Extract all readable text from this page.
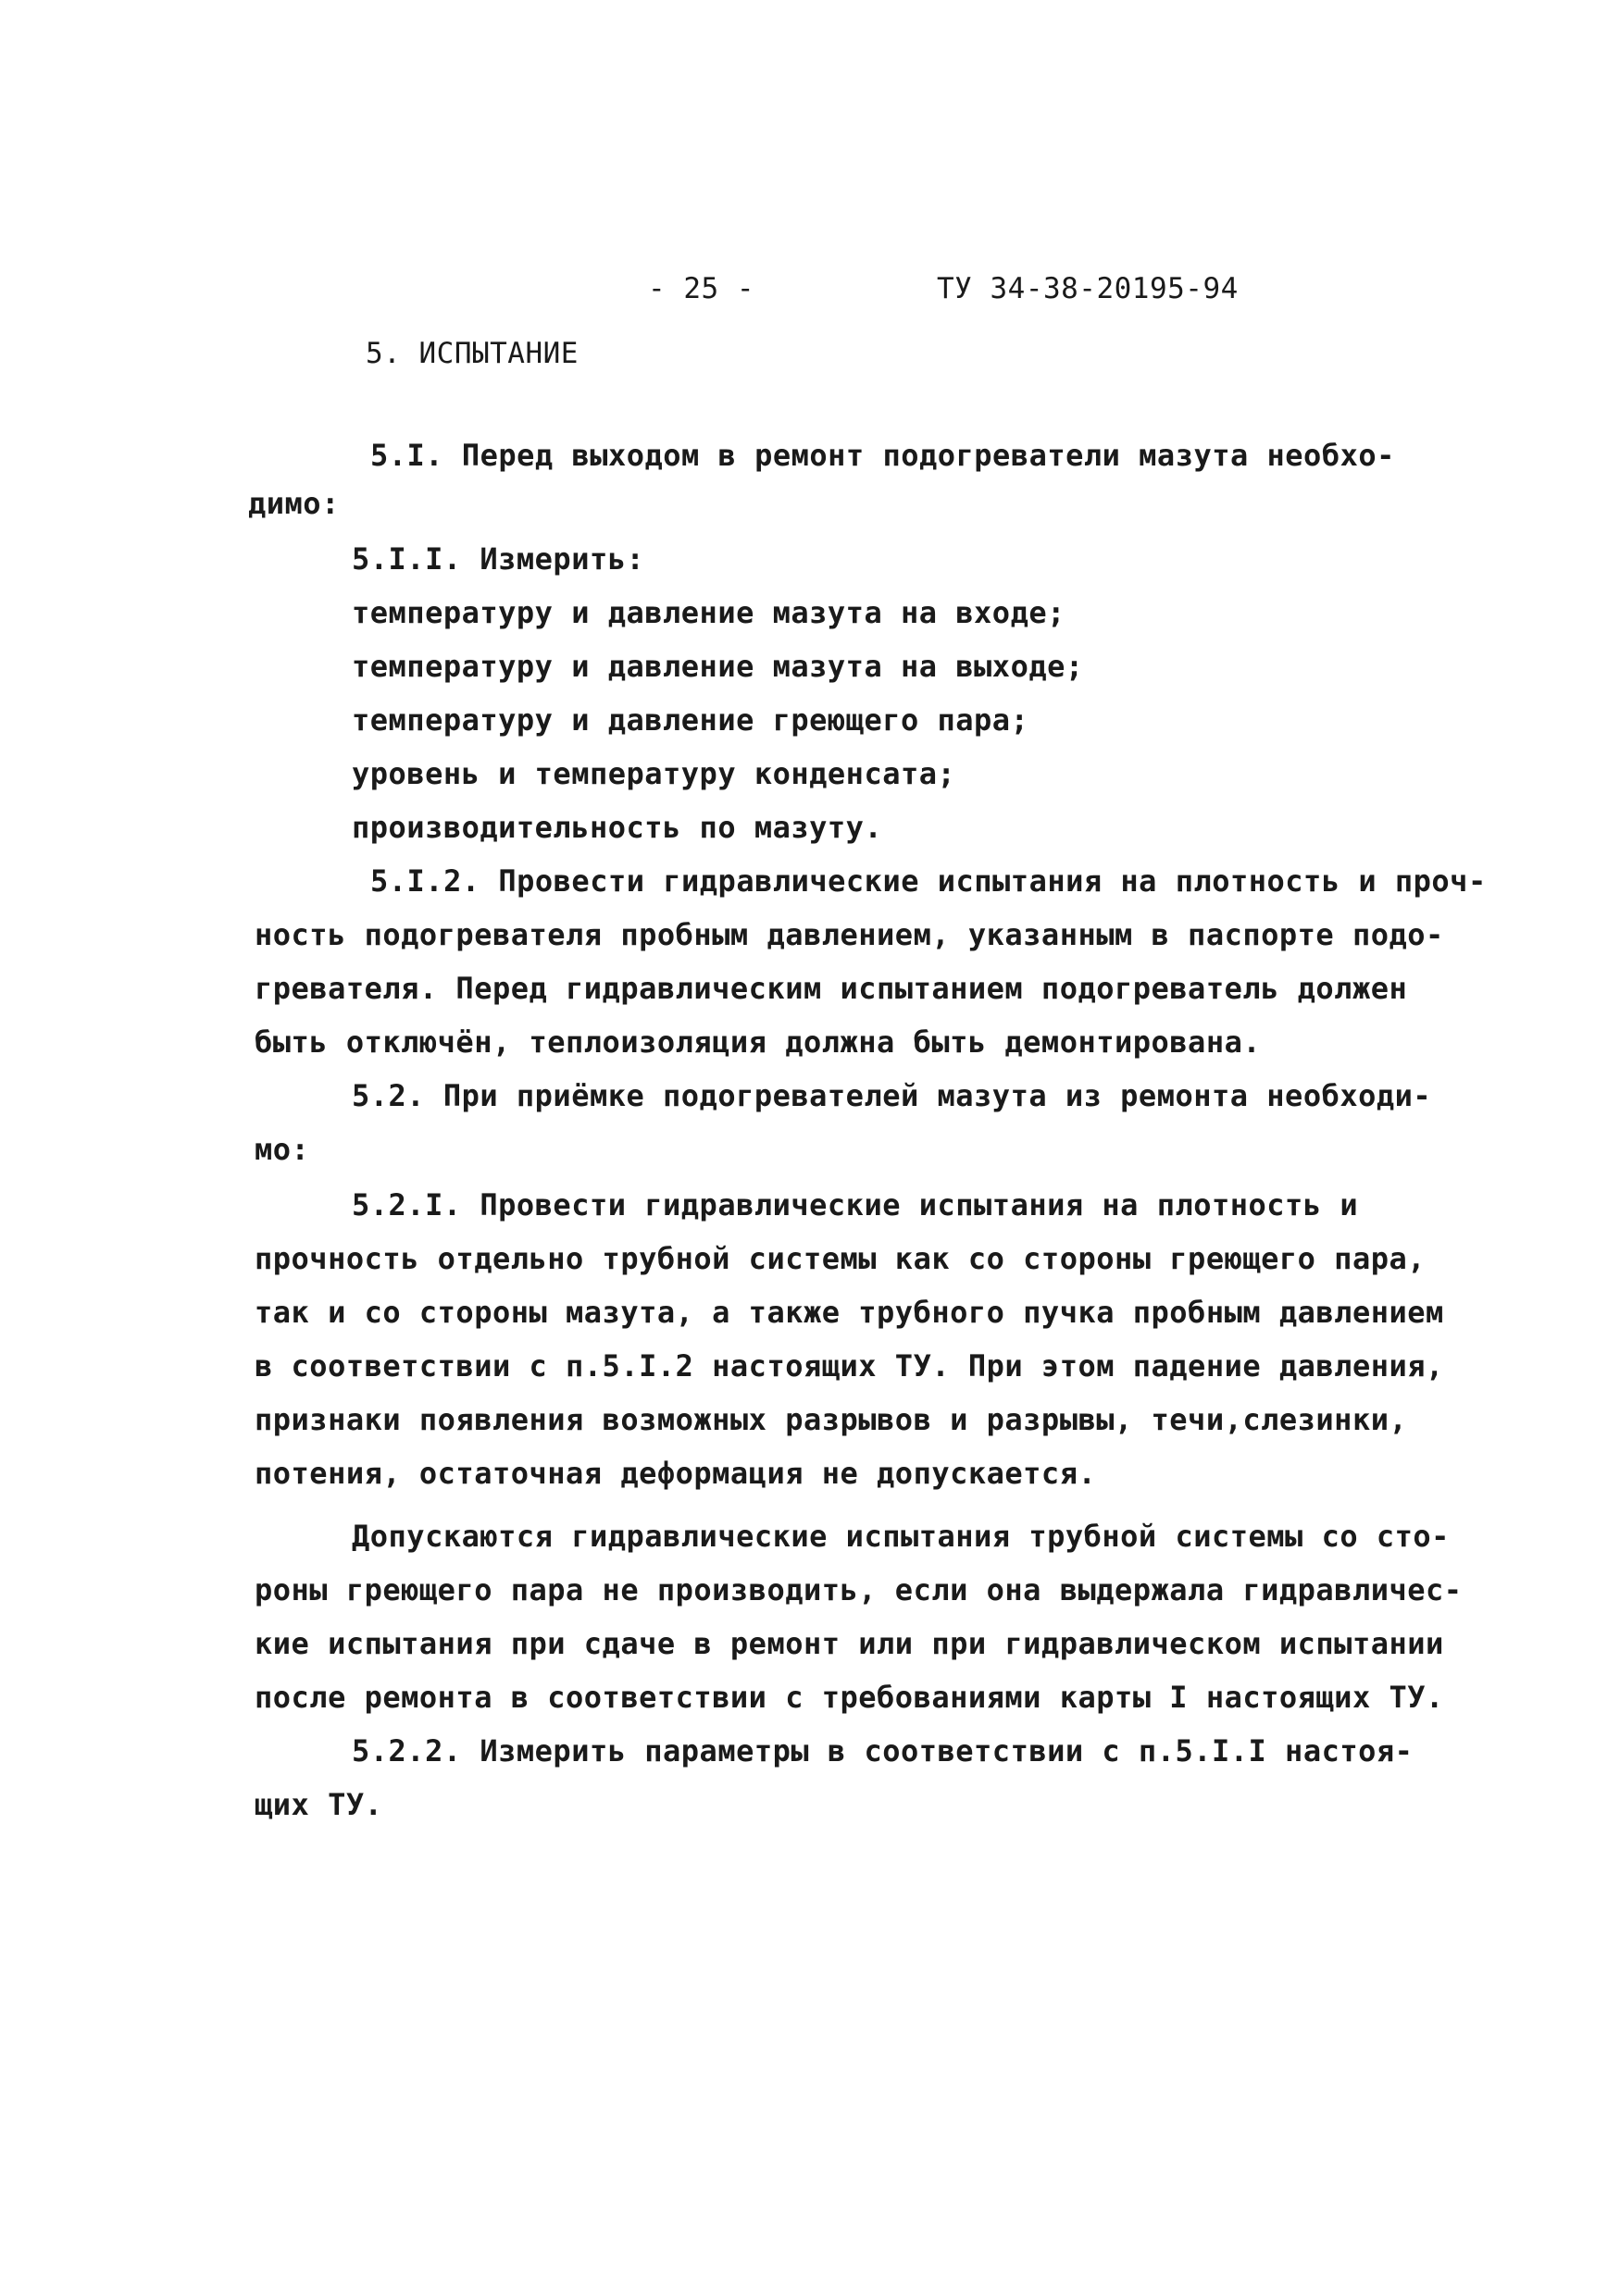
- 25 -	ТУ 34-38-20195-94
5. ИСПЫТАНИЕ
5.I. Перед выходом в ремонт подогреватели мазута необхо-
димо:
5.I.I. Измерить:
температуру и давление мазута на входе;
температуру и давление мазута на выходе;
температуру и давление греющего пара;
уровень и температуру конденсата;
производительность по мазуту.
5.I.2. Провести гидравлические испытания на плотность и проч-
ность подогревателя пробным давлением, указанным в паспорте подо-
гревателя. Перед гидравлическим испытанием подогреватель должен
быть отключён, теплоизоляция должна быть демонтирована.
5.2. При приёмке подогревателей мазута из ремонта необходи-
мо:
5.2.I. Провести гидравлические испытания на плотность и
прочность отдельно трубной системы как со стороны греющего пара,
так и со стороны мазута, а также трубного пучка пробным давлением
в соответствии с п.5.I.2 настоящих ТУ. При этом падение давления,
признаки появления возможных разрывов и разрывы, течи,слезинки,
потения, остаточная деформация не допускается.
Допускаются гидравлические испытания трубной системы со сто-
роны греющего пара не производить, если она выдержала гидравличес-
кие испытания при сдаче в ремонт или при гидравлическом испытании
после ремонта в соответствии с требованиями карты I настоящих ТУ.
5.2.2. Измерить параметры в соответствии с п.5.I.I настоя-
щих ТУ.
